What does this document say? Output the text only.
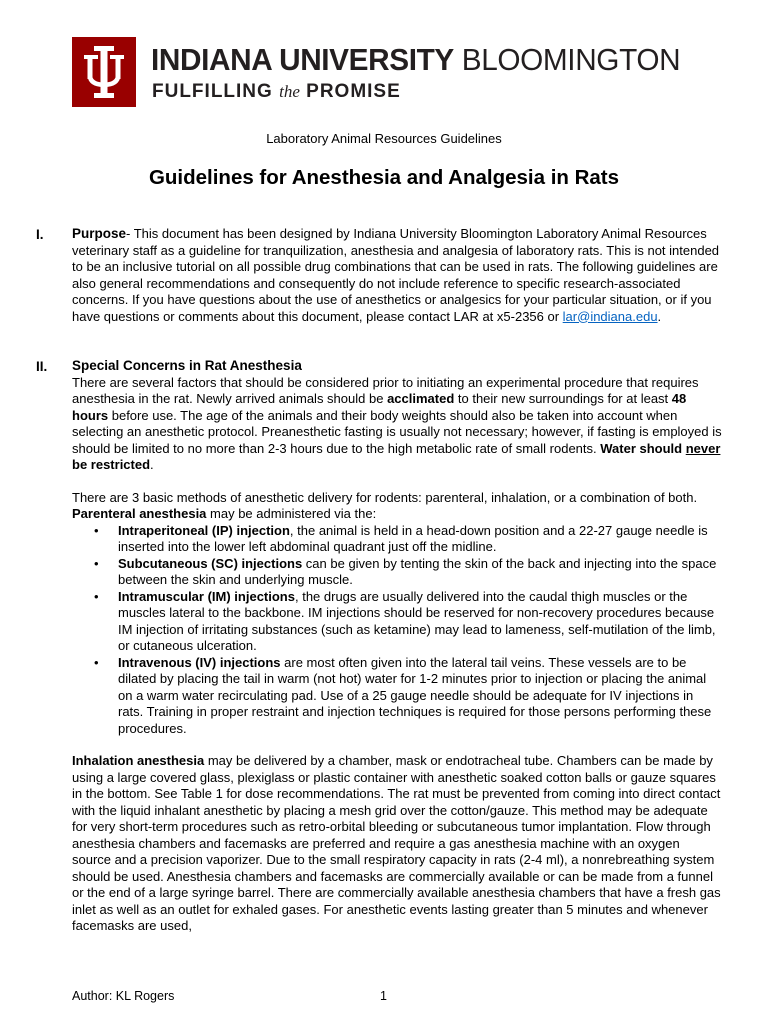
INDIANA UNIVERSITY BLOOMINGTON
FULFILLING the PROMISE
Laboratory Animal Resources Guidelines
Guidelines for Anesthesia and Analgesia in Rats
I. Purpose- This document has been designed by Indiana University Bloomington Laboratory Animal Resources veterinary staff as a guideline for tranquilization, anesthesia and analgesia of laboratory rats. This is not intended to be an inclusive tutorial on all possible drug combinations that can be used in rats. The following guidelines are also general recommendations and consequently do not include reference to specific research-associated concerns. If you have questions about the use of anesthetics or analgesics for your particular situation, or if you have questions or comments about this document, please contact LAR at x5-2356 or lar@indiana.edu.

II. Special Concerns in Rat Anesthesia

There are several factors that should be considered prior to initiating an experimental procedure that requires anesthesia in the rat. Newly arrived animals should be acclimated to their new surroundings for at least 48 hours before use. The age of the animals and their body weights should also be taken into account when selecting an anesthetic protocol. Preanesthetic fasting is usually not necessary; however, if fasting is employed is should be limited to no more than 2-3 hours due to the high metabolic rate of small rodents. Water should never be restricted.

There are 3 basic methods of anesthetic delivery for rodents: parenteral, inhalation, or a combination of both. Parenteral anesthesia may be administered via the:

• Intraperitoneal (IP) injection, the animal is held in a head-down position and a 22-27 gauge needle is inserted into the lower left abdominal quadrant just off the midline.
• Subcutaneous (SC) injections can be given by tenting the skin of the back and injecting into the space between the skin and underlying muscle.
• Intramuscular (IM) injections, the drugs are usually delivered into the caudal thigh muscles or the muscles lateral to the backbone. IM injections should be reserved for non-recovery procedures because IM injection of irritating substances (such as ketamine) may lead to lameness, self-mutilation of the limb, or cutaneous ulceration.
• Intravenous (IV) injections are most often given into the lateral tail veins. These vessels are to be dilated by placing the tail in warm (not hot) water for 1-2 minutes prior to injection or placing the animal on a warm water recirculating pad. Use of a 25 gauge needle should be adequate for IV injections in rats. Training in proper restraint and injection techniques is required for those persons performing these procedures.

Inhalation anesthesia may be delivered by a chamber, mask or endotracheal tube. Chambers can be made by using a large covered glass, plexiglass or plastic container with anesthetic soaked cotton balls or gauze squares in the bottom. See Table 1 for dose recommendations. The rat must be prevented from coming into direct contact with the liquid inhalant anesthetic by placing a mesh grid over the cotton/gauze. This method may be adequate for very short-term procedures such as retro-orbital bleeding or subcutaneous tumor implantation. Flow through anesthesia chambers and facemasks are preferred and require a gas anesthesia machine with an oxygen source and a precision vaporizer. Due to the small respiratory capacity in rats (2-4 ml), a nonrebreathing system should be used. Anesthesia chambers and facemasks are commercially available or can be made from a funnel or the end of a large syringe barrel. There are commercially available anesthesia chambers that have a fresh gas inlet as well as an outlet for exhaled gases. For anesthetic events lasting greater than 5 minutes and whenever facemasks are used,

Author: KL Rogers	1
